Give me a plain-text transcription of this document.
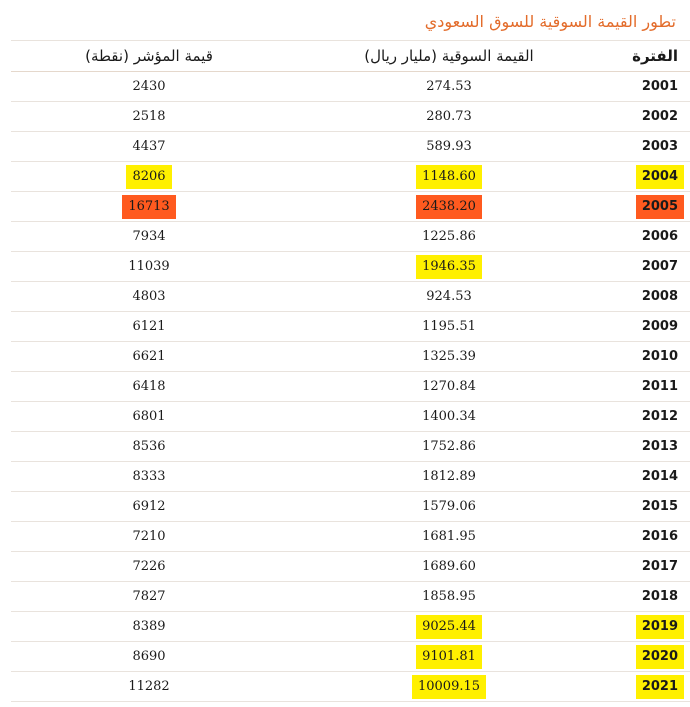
تطور القيمة السوقية للسوق السعودي
الفترة	القيمة السوقية (مليار ريال)	قيمة المؤشر (نقطة)
2001	274.53	2430
2002	280.73	2518
2003	589.93	4437
2004	1148.60	8206
2005	2438.20	16713
2006	1225.86	7934
2007	1946.35	11039
2008	924.53	4803
2009	1195.51	6121
2010	1325.39	6621
2011	1270.84	6418
2012	1400.34	6801
2013	1752.86	8536
2014	1812.89	8333
2015	1579.06	6912
2016	1681.95	7210
2017	1689.60	7226
2018	1858.95	7827
2019	9025.44	8389
2020	9101.81	8690
2021	10009.15	11282
